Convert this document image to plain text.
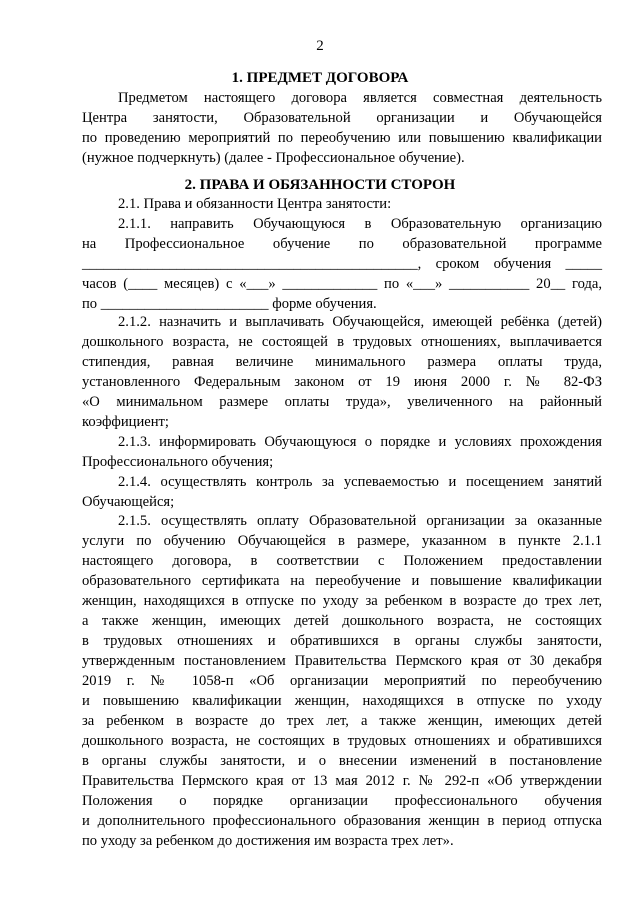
2
1. ПРЕДМЕТ ДОГОВОРА
Предметом настоящего договора является совместная деятельность
Центра занятости, Образовательной организации и Обучающейся
по проведению мероприятий по переобучению или повышению квалификации
(нужное подчеркнуть) (далее - Профессиональное обучение).
2. ПРАВА И ОБЯЗАННОСТИ СТОРОН
2.1. Права и обязанности Центра занятости:
2.1.1. направить Обучающуюся в Образовательную организацию
на Профессиональное обучение по образовательной программе
______________________________________________, сроком обучения _____
часов (____ месяцев) с «___» _____________ по «___» ___________ 20__ года,
по _______________________ форме обучения.
2.1.2. назначить и выплачивать Обучающейся, имеющей ребёнка (детей)
дошкольного возраста, не состоящей в трудовых отношениях, выплачивается
стипендия, равная величине минимального размера оплаты труда,
установленного Федеральным законом от 19 июня 2000 г. № 82-ФЗ
«О минимальном размере оплаты труда», увеличенного на районный
коэффициент;
2.1.3. информировать Обучающуюся о порядке и условиях прохождения
Профессионального обучения;
2.1.4. осуществлять контроль за успеваемостью и посещением занятий
Обучающейся;
2.1.5. осуществлять оплату Образовательной организации за оказанные
услуги по обучению Обучающейся в размере, указанном в пункте 2.1.1
настоящего договора, в соответствии с Положением предоставлении
образовательного сертификата на переобучение и повышение квалификации
женщин, находящихся в отпуске по уходу за ребенком в возрасте до трех лет,
а также женщин, имеющих детей дошкольного возраста, не состоящих
в трудовых отношениях и обратившихся в органы службы занятости,
утвержденным постановлением Правительства Пермского края от 30 декабря
2019 г. № 1058-п «Об организации мероприятий по переобучению
и повышению квалификации женщин, находящихся в отпуске по уходу
за ребенком в возрасте до трех лет, а также женщин, имеющих детей
дошкольного возраста, не состоящих в трудовых отношениях и обратившихся
в органы службы занятости, и о внесении изменений в постановление
Правительства Пермского края от 13 мая 2012 г. № 292-п «Об утверждении
Положения о порядке организации профессионального обучения
и дополнительного профессионального образования женщин в период отпуска
по уходу за ребенком до достижения им возраста трех лет».
